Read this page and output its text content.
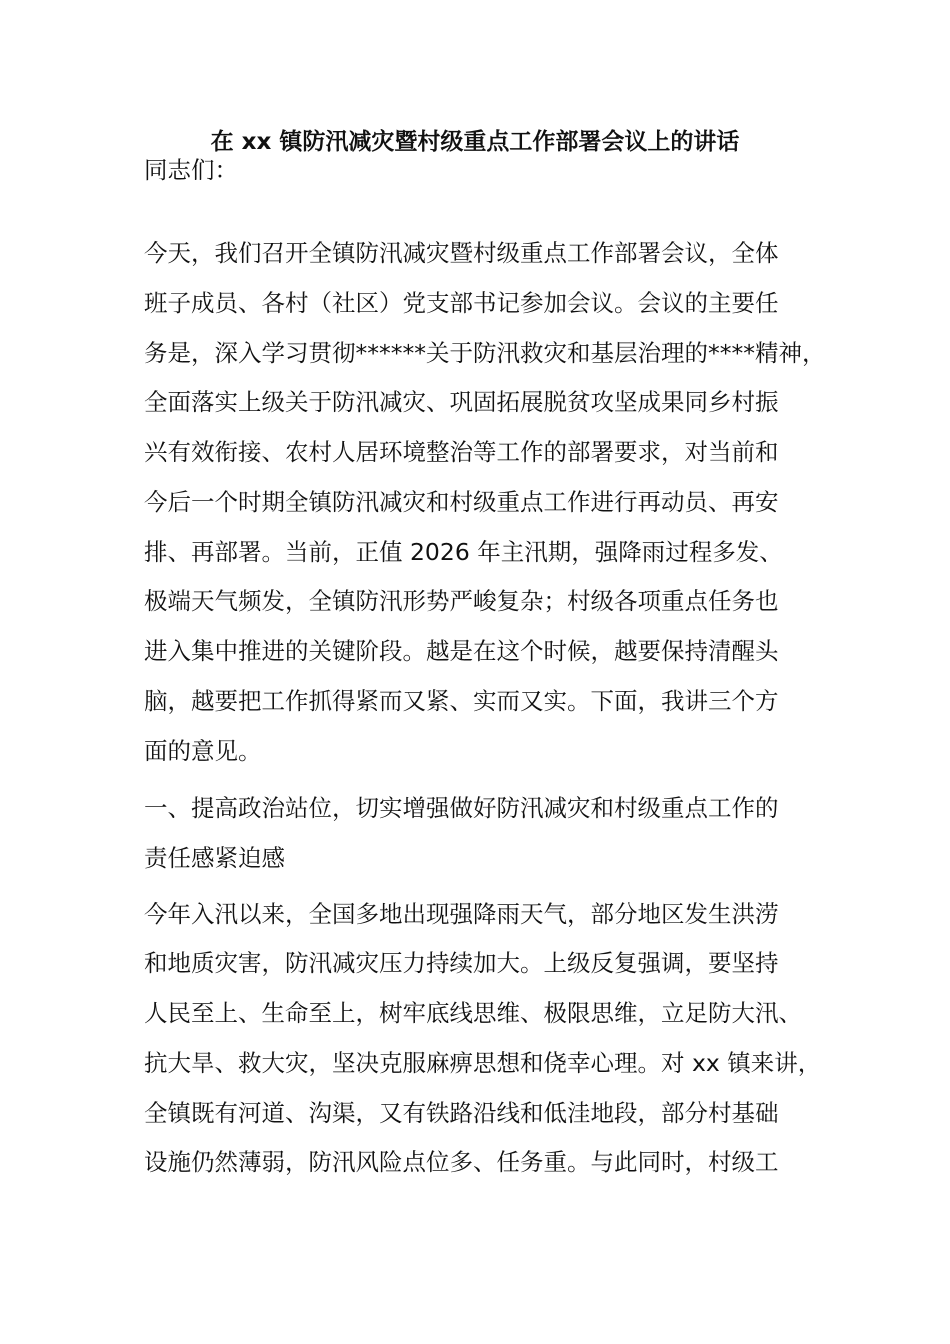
在 xx 镇防汛减灾暨村级重点工作部署会议上的讲话
同志们：
今天，我们召开全镇防汛减灾暨村级重点工作部署会议，全体
班子成员、各村（社区）党支部书记参加会议。会议的主要任
务是，深入学习贯彻******关于防汛救灾和基层治理的****精神，
全面落实上级关于防汛减灾、巩固拓展脱贫攻坚成果同乡村振
兴有效衔接、农村人居环境整治等工作的部署要求，对当前和
今后一个时期全镇防汛减灾和村级重点工作进行再动员、再安
排、再部署。当前，正值 2026 年主汛期，强降雨过程多发、
极端天气频发，全镇防汛形势严峻复杂；村级各项重点任务也
进入集中推进的关键阶段。越是在这个时候，越要保持清醒头
脑，越要把工作抓得紧而又紧、实而又实。下面，我讲三个方
面的意见。
一、提高政治站位，切实增强做好防汛减灾和村级重点工作的
责任感紧迫感
今年入汛以来，全国多地出现强降雨天气，部分地区发生洪涝
和地质灾害，防汛减灾压力持续加大。上级反复强调，要坚持
人民至上、生命至上，树牢底线思维、极限思维，立足防大汛、
抗大旱、救大灾，坚决克服麻痹思想和侥幸心理。对 xx 镇来讲，
全镇既有河道、沟渠，又有铁路沿线和低洼地段，部分村基础
设施仍然薄弱，防汛风险点位多、任务重。与此同时，村级工
